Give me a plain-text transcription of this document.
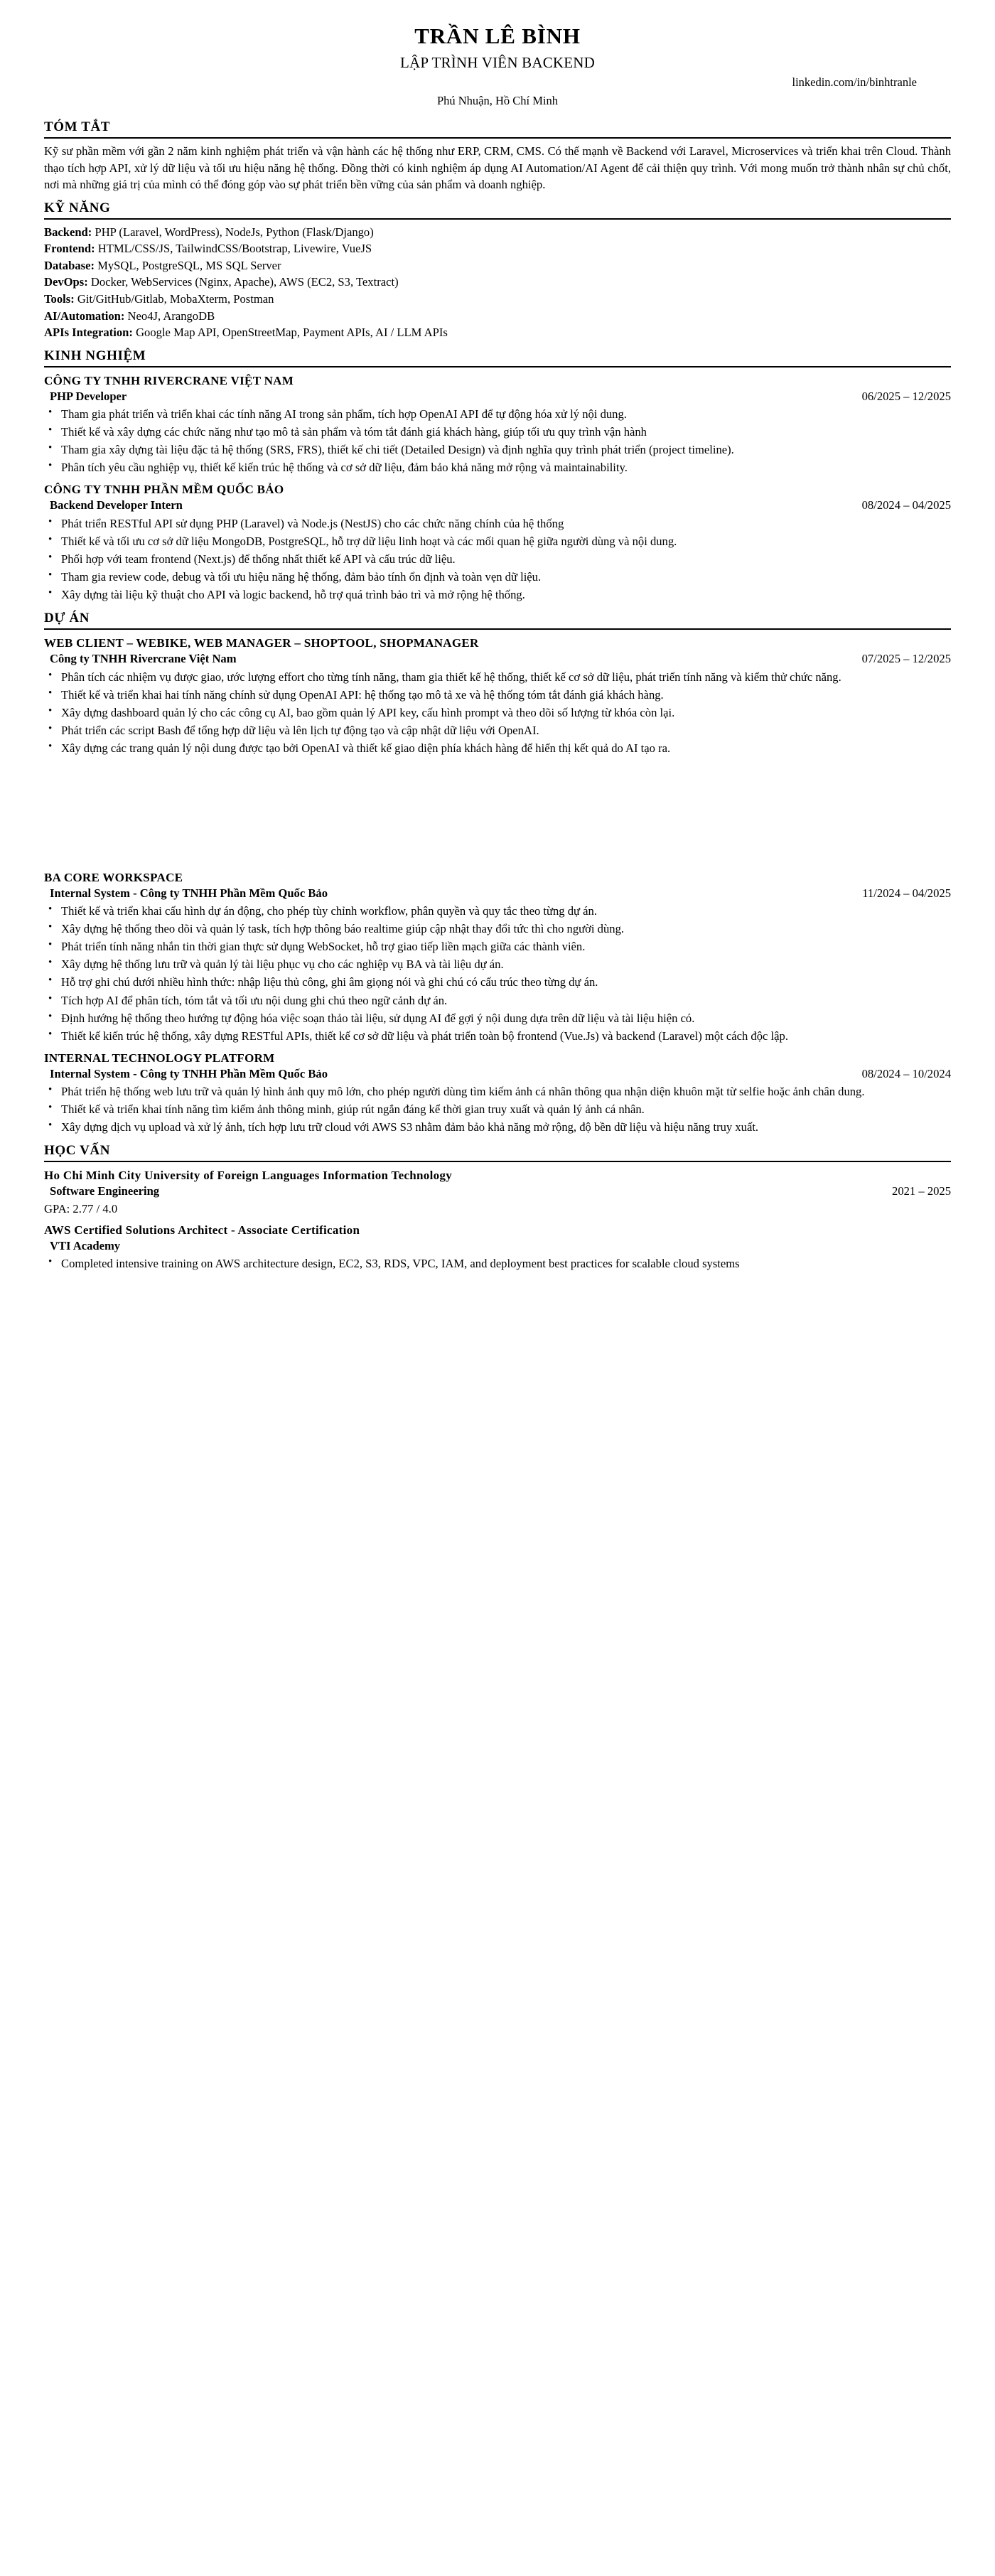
TRẦN LÊ BÌNH
LẬP TRÌNH VIÊN BACKEND
linkedin.com/in/binhtranle
Phú Nhuận, Hồ Chí Minh
TÓM TẮT

Kỹ sư phần mềm với gần 2 năm kinh nghiệm phát triển và vận hành các hệ thống như ERP, CRM, CMS. Có thế mạnh về Backend với Laravel, Microservices và triển khai trên Cloud. Thành thạo tích hợp API, xử lý dữ liệu và tối ưu hiệu năng hệ thống. Đồng thời có kinh nghiệm áp dụng AI Automation/AI Agent để cải thiện quy trình. Với mong muốn trở thành nhân sự chủ chốt, nơi mà những giá trị của mình có thể đóng góp vào sự phát triển bền vững của sản phẩm và doanh nghiệp.

KỸ NĂNG
Backend: PHP (Laravel, WordPress), NodeJs, Python (Flask/Django)
Frontend: HTML/CSS/JS, TailwindCSS/Bootstrap, Livewire, VueJS
Database: MySQL, PostgreSQL, MS SQL Server
DevOps: Docker, WebServices (Nginx, Apache), AWS (EC2, S3, Textract)
Tools: Git/GitHub/Gitlab, MobaXterm, Postman
AI/Automation: Neo4J, ArangoDB
APIs Integration: Google Map API, OpenStreetMap, Payment APIs, AI / LLM APIs
KINH NGHIỆM
CÔNG TY TNHH RIVERCRANE VIỆT NAM
PHP Developer	06/2025 – 12/2025
• Tham gia phát triển và triển khai các tính năng AI trong sản phẩm, tích hợp OpenAI API để tự động hóa xử lý nội dung.
• Thiết kế và xây dựng các chức năng như tạo mô tả sản phẩm và tóm tắt đánh giá khách hàng, giúp tối ưu quy trình vận hành
• Tham gia xây dựng tài liệu đặc tả hệ thống (SRS, FRS), thiết kế chi tiết (Detailed Design) và định nghĩa quy trình phát triển (project timeline).
• Phân tích yêu cầu nghiệp vụ, thiết kế kiến trúc hệ thống và cơ sở dữ liệu, đảm bảo khả năng mở rộng và maintainability.
CÔNG TY TNHH PHẦN MỀM QUỐC BẢO
Backend Developer Intern	08/2024 – 04/2025
• Phát triển RESTful API sử dụng PHP (Laravel) và Node.js (NestJS) cho các chức năng chính của hệ thống
• Thiết kế và tối ưu cơ sở dữ liệu MongoDB, PostgreSQL, hỗ trợ dữ liệu linh hoạt và các mối quan hệ giữa người dùng và nội dung.
• Phối hợp với team frontend (Next.js) để thống nhất thiết kế API và cấu trúc dữ liệu.
• Tham gia review code, debug và tối ưu hiệu năng hệ thống, đảm bảo tính ổn định và toàn vẹn dữ liệu.
• Xây dựng tài liệu kỹ thuật cho API và logic backend, hỗ trợ quá trình bảo trì và mở rộng hệ thống.
DỰ ÁN
WEB CLIENT – WEBIKE, WEB MANAGER – SHOPTOOL, SHOPMANAGER
Công ty TNHH Rivercrane Việt Nam	07/2025 – 12/2025
• Phân tích các nhiệm vụ được giao, ước lượng effort cho từng tính năng, tham gia thiết kế hệ thống, thiết kế cơ sở dữ liệu, phát triển tính năng và kiểm thử chức năng.
• Thiết kế và triển khai hai tính năng chính sử dụng OpenAI API: hệ thống tạo mô tả xe và hệ thống tóm tắt đánh giá khách hàng.
• Xây dựng dashboard quản lý cho các công cụ AI, bao gồm quản lý API key, cấu hình prompt và theo dõi số lượng từ khóa còn lại.
• Phát triển các script Bash để tổng hợp dữ liệu và lên lịch tự động tạo và cập nhật dữ liệu với OpenAI.
• Xây dựng các trang quản lý nội dung được tạo bởi OpenAI và thiết kế giao diện phía khách hàng để hiển thị kết quả do AI tạo ra.
BA CORE WORKSPACE
Internal System - Công ty TNHH Phần Mềm Quốc Bảo	11/2024 – 04/2025
• Thiết kế và triển khai cấu hình dự án động, cho phép tùy chỉnh workflow, phân quyền và quy tắc theo từng dự án.
• Xây dựng hệ thống theo dõi và quản lý task, tích hợp thông báo realtime giúp cập nhật thay đổi tức thì cho người dùng.
• Phát triển tính năng nhắn tin thời gian thực sử dụng WebSocket, hỗ trợ giao tiếp liền mạch giữa các thành viên.
• Xây dựng hệ thống lưu trữ và quản lý tài liệu phục vụ cho các nghiệp vụ BA và tài liệu dự án.
• Hỗ trợ ghi chú dưới nhiều hình thức: nhập liệu thủ công, ghi âm giọng nói và ghi chú có cấu trúc theo từng dự án.
• Tích hợp AI để phân tích, tóm tắt và tối ưu nội dung ghi chú theo ngữ cảnh dự án.
• Định hướng hệ thống theo hướng tự động hóa việc soạn thảo tài liệu, sử dụng AI để gợi ý nội dung dựa trên dữ liệu và tài liệu hiện có.
• Thiết kế kiến trúc hệ thống, xây dựng RESTful APIs, thiết kế cơ sở dữ liệu và phát triển toàn bộ frontend (Vue.Js) và backend (Laravel) một cách độc lập.
INTERNAL TECHNOLOGY PLATFORM
Internal System - Công ty TNHH Phần Mềm Quốc Bảo	08/2024 – 10/2024
• Phát triển hệ thống web lưu trữ và quản lý hình ảnh quy mô lớn, cho phép người dùng tìm kiếm ảnh cá nhân thông qua nhận diện khuôn mặt từ selfie hoặc ảnh chân dung.
• Thiết kế và triển khai tính năng tìm kiếm ảnh thông minh, giúp rút ngắn đáng kể thời gian truy xuất và quản lý ảnh cá nhân.
• Xây dựng dịch vụ upload và xử lý ảnh, tích hợp lưu trữ cloud với AWS S3 nhằm đảm bảo khả năng mở rộng, độ bền dữ liệu và hiệu năng truy xuất.
HỌC VẤN
Ho Chi Minh City University of Foreign Languages Information Technology
Software Engineering	2021 – 2025
GPA: 2.77 / 4.0
AWS Certified Solutions Architect - Associate Certification
VTI Academy
• Completed intensive training on AWS architecture design, EC2, S3, RDS, VPC, IAM, and deployment best practices for scalable cloud systems
